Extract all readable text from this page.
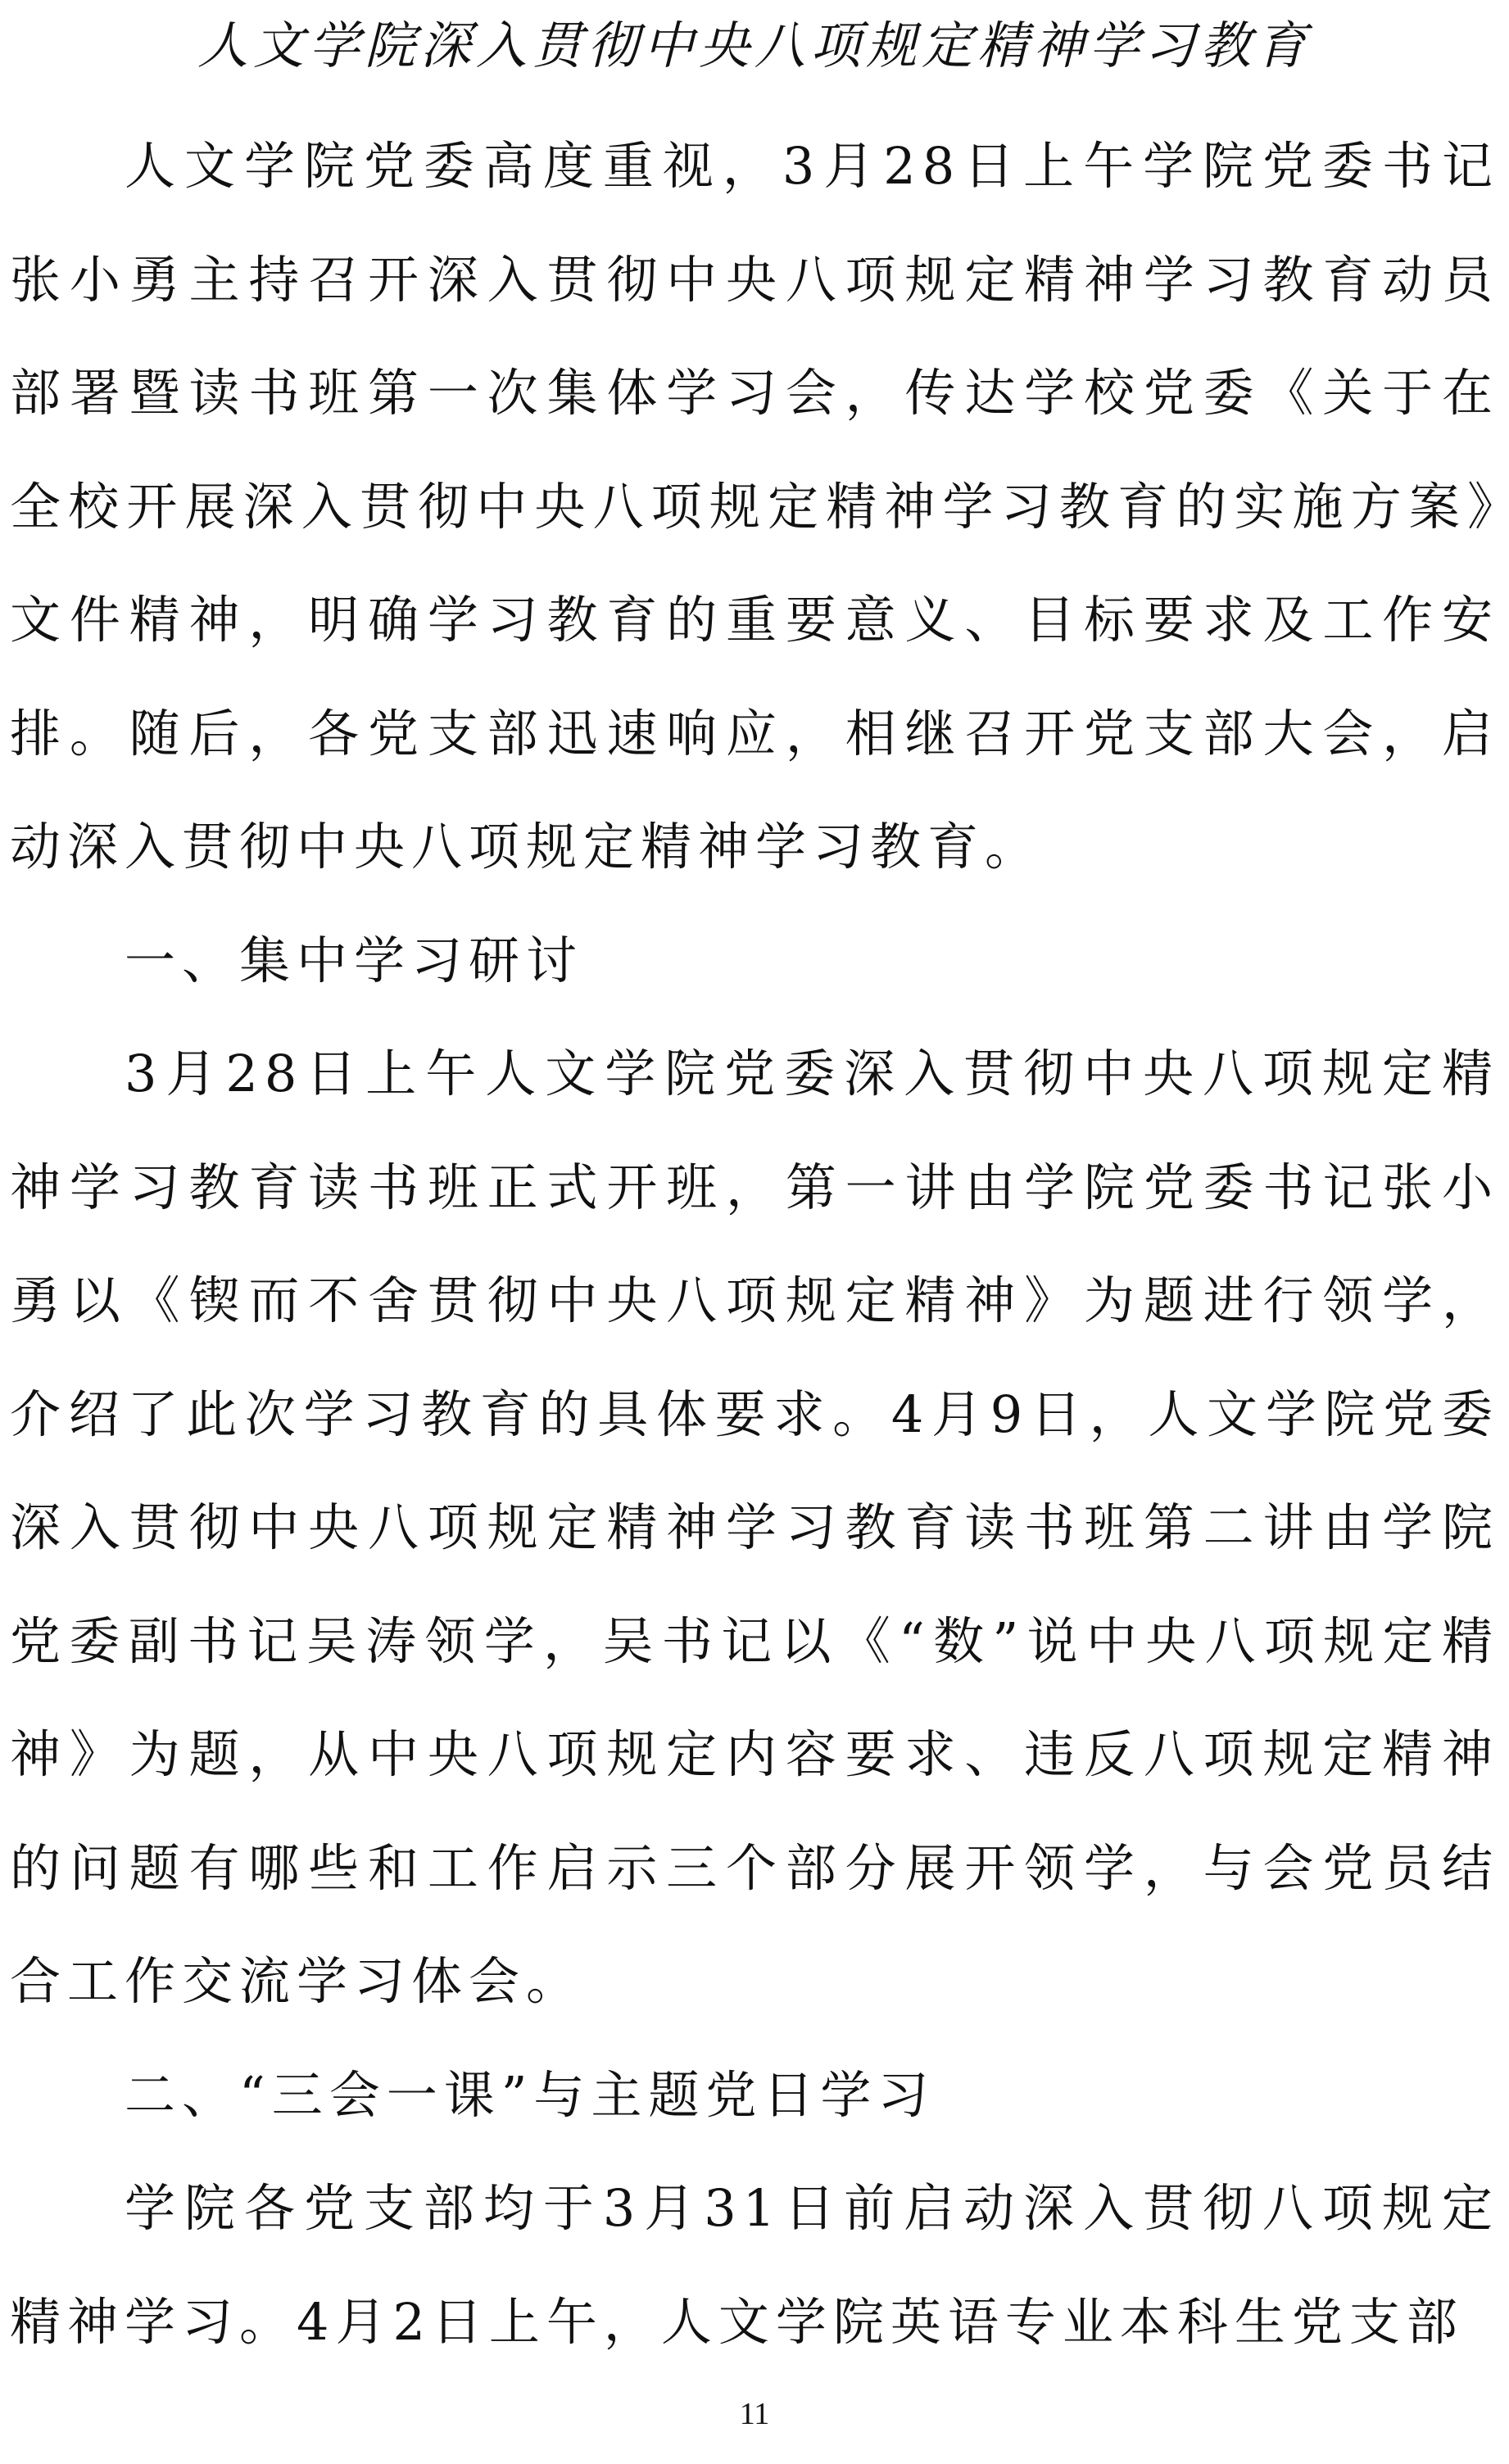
人文学院深入贯彻中央八项规定精神学习教育

人文学院党委高度重视，3月28日上午学院党委书记张小勇主持召开深入贯彻中央八项规定精神学习教育动员部署暨读书班第一次集体学习会，传达学校党委《关于在全校开展深入贯彻中央八项规定精神学习教育的实施方案》文件精神，明确学习教育的重要意义、目标要求及工作安排。随后，各党支部迅速响应，相继召开党支部大会，启动深入贯彻中央八项规定精神学习教育。

一、集中学习研讨

3月28日上午人文学院党委深入贯彻中央八项规定精神学习教育读书班正式开班，第一讲由学院党委书记张小勇以《锲而不舍贯彻中央八项规定精神》为题进行领学，介绍了此次学习教育的具体要求。4月9日，人文学院党委深入贯彻中央八项规定精神学习教育读书班第二讲由学院党委副书记吴涛领学，吴书记以《“数”说中央八项规定精神》为题，从中央八项规定内容要求、违反八项规定精神的问题有哪些和工作启示三个部分展开领学，与会党员结合工作交流学习体会。

二、“三会一课”与主题党日学习

学院各党支部均于3月31日前启动深入贯彻八项规定精神学习。4月2日上午，人文学院英语专业本科生党支部

11
